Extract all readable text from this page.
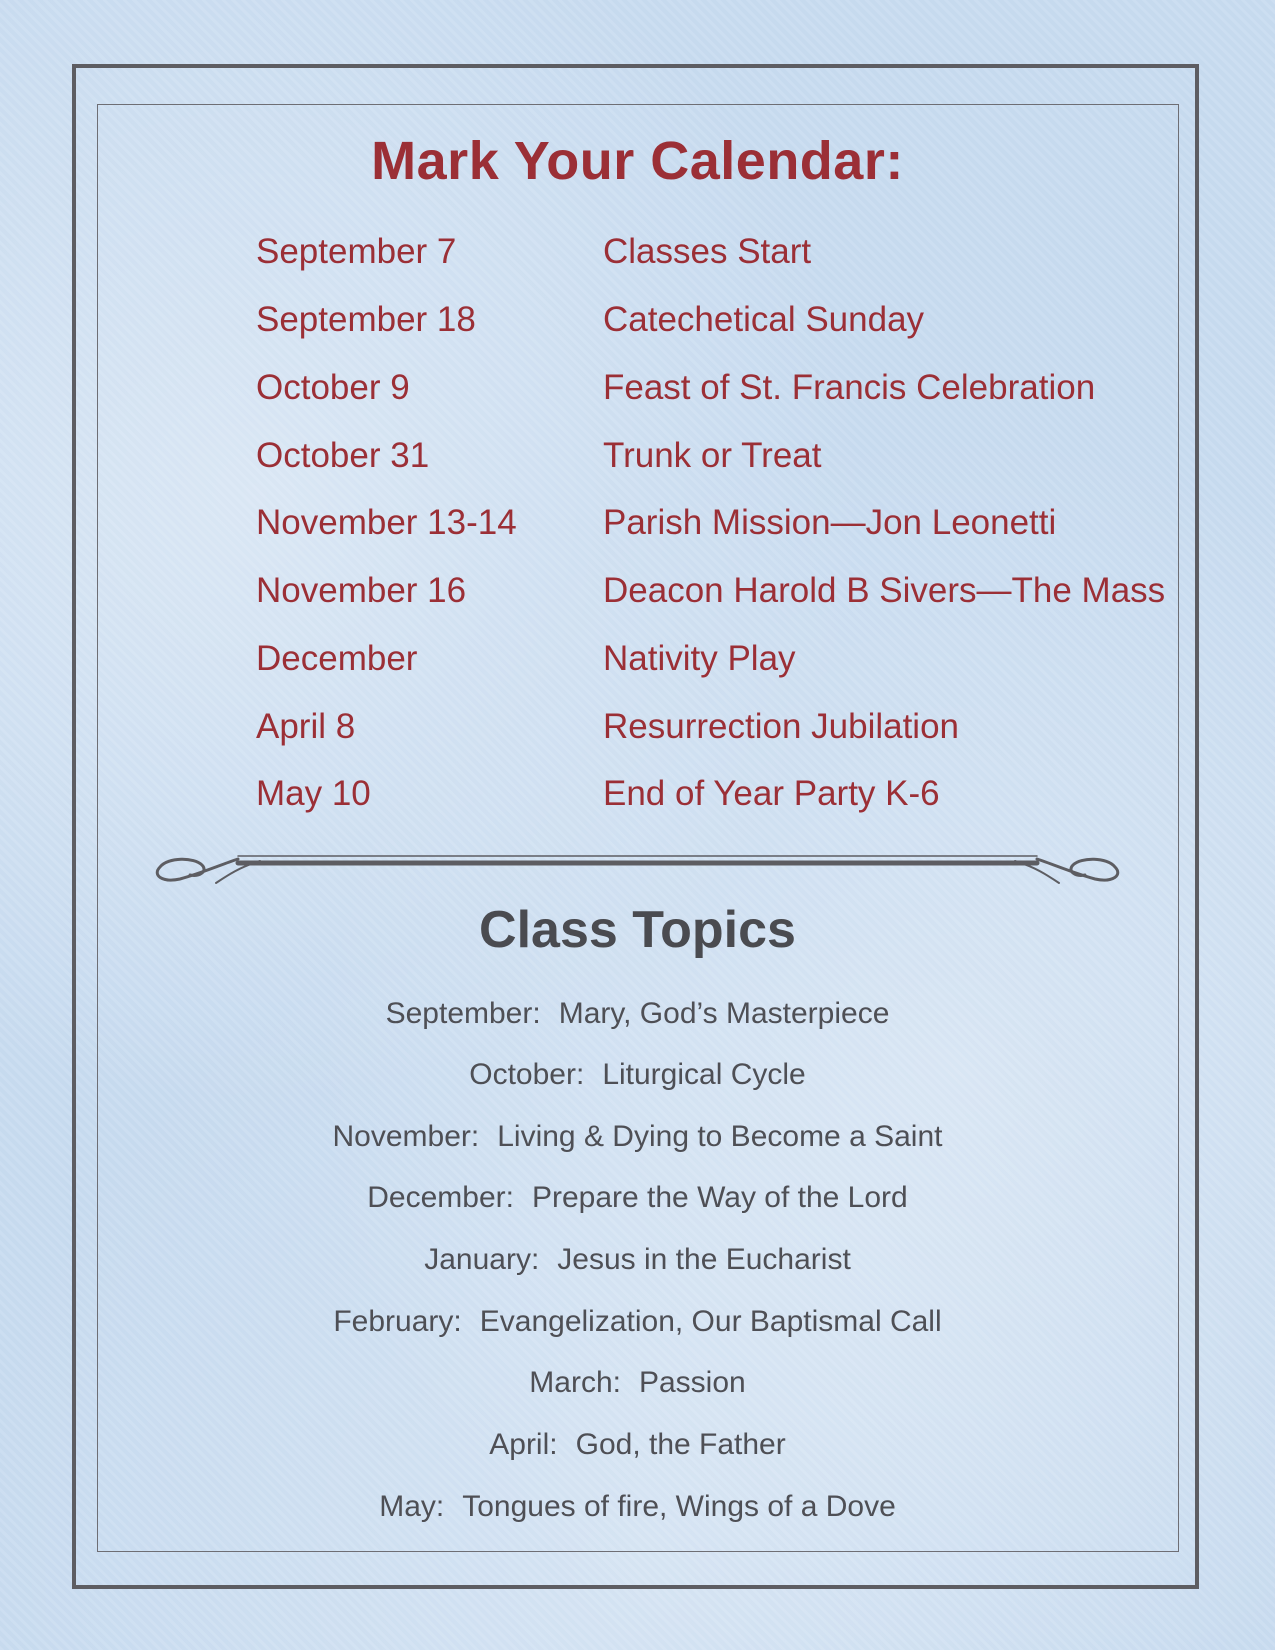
Mark Your Calendar:
September 7	Classes Start
September 18	Catechetical Sunday
October 9	Feast of St. Francis Celebration
October 31	Trunk or Treat
November 13-14 Parish Mission—Jon Leonetti
November 16	Deacon Harold B Sivers—The Mass
December	Nativity Play
April 8	Resurrection Jubilation
May 10	End of Year Party K-6
Class Topics
September: Mary, God’s Masterpiece
October: Liturgical Cycle
November: Living & Dying to Become a Saint
December: Prepare the Way of the Lord
January: Jesus in the Eucharist
February: Evangelization, Our Baptismal Call
March: Passion
April: God, the Father
May: Tongues of fire, Wings of a Dove
